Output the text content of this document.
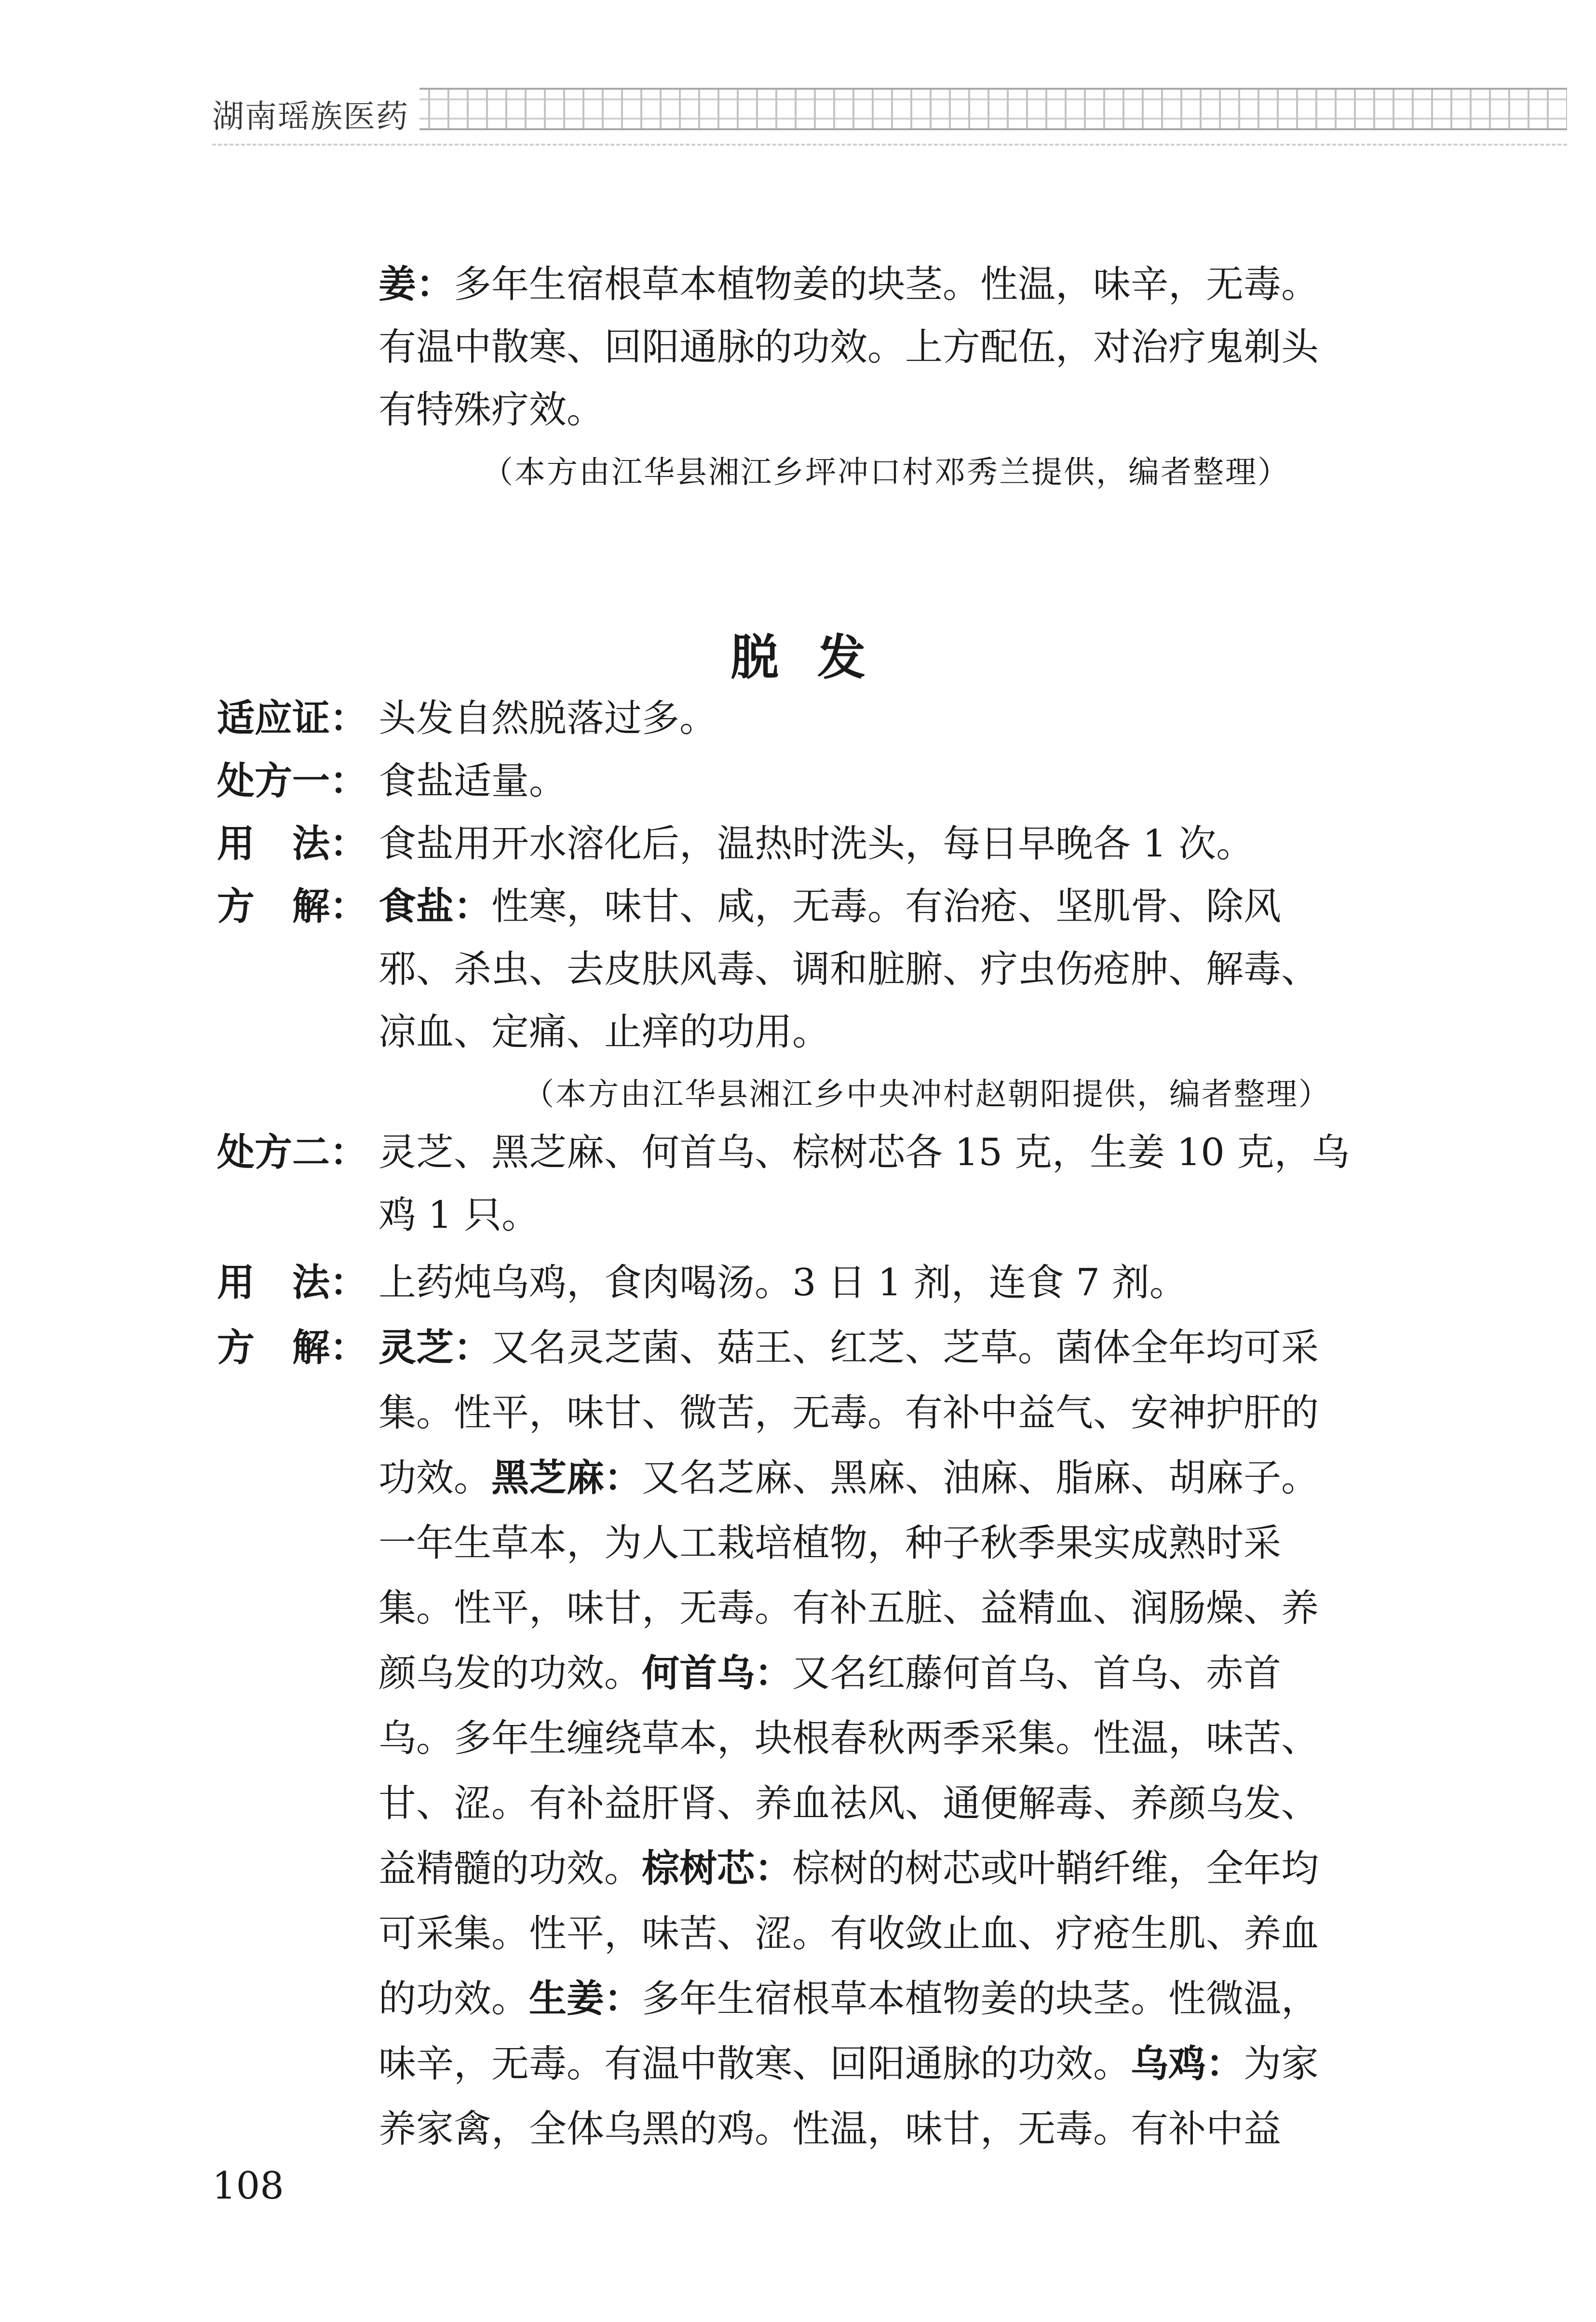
湖南瑶族医药
姜：多年生宿根草本植物姜的块茎。性温，味辛，无毒。
有温中散寒、回阳通脉的功效。上方配伍，对治疗鬼剃头
有特殊疗效。
（本方由江华县湘江乡坪冲口村邓秀兰提供，编者整理）
脱发
适应证： 头发自然脱落过多。
处方一： 食盐适量。
用　法： 食盐用开水溶化后，温热时洗头，每日早晚各 1 次。
方　解： 食盐：性寒，味甘、咸，无毒。有治疮、坚肌骨、除风
邪、杀虫、去皮肤风毒、调和脏腑、疗虫伤疮肿、解毒、
凉血、定痛、止痒的功用。
（本方由江华县湘江乡中央冲村赵朝阳提供，编者整理）
处方二： 灵芝、黑芝麻、何首乌、棕树芯各 15 克，生姜 10 克，乌
鸡 1 只。
用　法： 上药炖乌鸡，食肉喝汤。3 日 1 剂，连食 7 剂。
方　解： 灵芝：又名灵芝菌、菇王、红芝、芝草。菌体全年均可采
集。性平，味甘、微苦，无毒。有补中益气、安神护肝的
功效。黑芝麻：又名芝麻、黑麻、油麻、脂麻、胡麻子。
一年生草本，为人工栽培植物，种子秋季果实成熟时采
集。性平，味甘，无毒。有补五脏、益精血、润肠燥、养
颜乌发的功效。何首乌：又名红藤何首乌、首乌、赤首
乌。多年生缠绕草本，块根春秋两季采集。性温，味苦、
甘、涩。有补益肝肾、养血祛风、通便解毒、养颜乌发、
益精髓的功效。棕树芯：棕树的树芯或叶鞘纤维，全年均
可采集。性平，味苦、涩。有收敛止血、疗疮生肌、养血
的功效。生姜：多年生宿根草本植物姜的块茎。性微温，
味辛，无毒。有温中散寒、回阳通脉的功效。乌鸡：为家
养家禽，全体乌黑的鸡。性温，味甘，无毒。有补中益
108
